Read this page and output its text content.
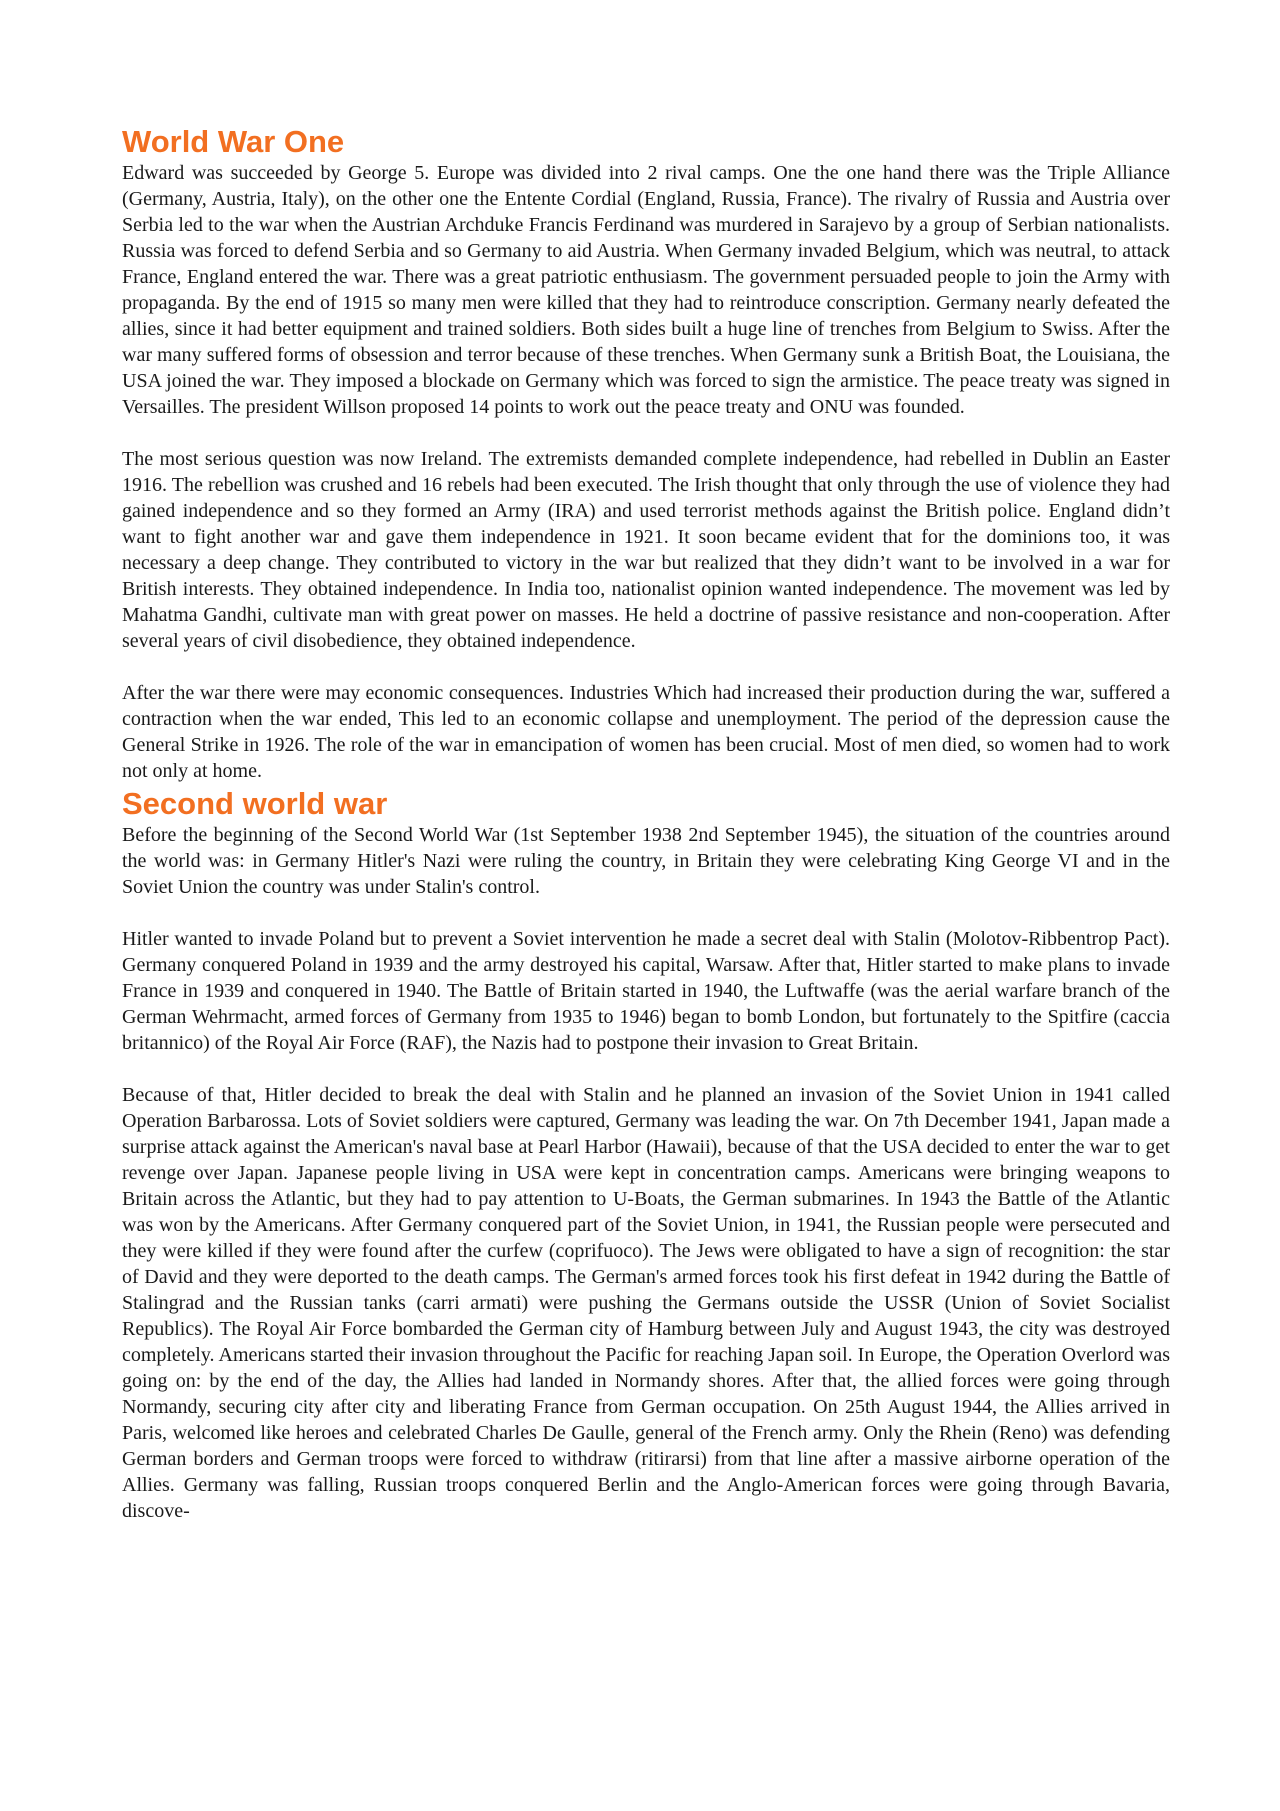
World War One

Edward was succeeded by George 5. Europe was divided into 2 rival camps. One the one hand there was the Triple Alliance (Germany, Austria, Italy), on the other one the Entente Cordial (England, Russia, France). The rivalry of Russia and Austria over Serbia led to the war when the Austrian Archduke Francis Ferdinand was murdered in Sarajevo by a group of Serbian nationalists. Russia was forced to defend Serbia and so Germany to aid Austria. When Germany invaded Belgium, which was neutral, to attack France, England entered the war. There was a great patriotic enthusiasm. The government persuaded people to join the Army with propaganda. By the end of 1915 so many men were killed that they had to reintroduce conscription. Germany nearly defeated the allies, since it had better equipment and trained soldiers. Both sides built a huge line of trenches from Belgium to Swiss. After the war many suffered forms of obsession and terror because of these trenches. When Germany sunk a British Boat, the Louisiana, the USA joined the war. They imposed a blockade on Germany which was forced to sign the armistice. The peace treaty was signed in Versailles. The president Willson proposed 14 points to work out the peace treaty and ONU was founded.

The most serious question was now Ireland. The extremists demanded complete independence, had rebelled in Dublin an Easter 1916. The rebellion was crushed and 16 rebels had been executed. The Irish thought that only through the use of violence they had gained independence and so they formed an Army (IRA) and used terrorist methods against the British police. England didn’t want to fight another war and gave them independence in 1921. It soon became evident that for the dominions too, it was necessary a deep change. They contributed to victory in the war but realized that they didn’t want to be involved in a war for British interests. They obtained independence. In India too, nationalist opinion wanted independence. The movement was led by Mahatma Gandhi, cultivate man with great power on masses. He held a doctrine of passive resistance and non-cooperation. After several years of civil disobedience, they obtained independence.

After the war there were may economic consequences. Industries Which had increased their production during the war, suffered a contraction when the war ended, This led to an economic collapse and unemployment. The period of the depression cause the General Strike in 1926. The role of the war in emancipation of women has been crucial. Most of men died, so women had to work not only at home.

Second world war

Before the beginning of the Second World War (1st September 1938 2nd September 1945), the situation of the countries around the world was: in Germany Hitler's Nazi were ruling the country, in Britain they were celebrating King George VI and in the Soviet Union the country was under Stalin's control.

Hitler wanted to invade Poland but to prevent a Soviet intervention he made a secret deal with Stalin (Molotov-Ribbentrop Pact). Germany conquered Poland in 1939 and the army destroyed his capital, Warsaw. After that, Hitler started to make plans to invade France in 1939 and conquered in 1940. The Battle of Britain started in 1940, the Luftwaffe (was the aerial warfare branch of the German Wehrmacht, armed forces of Germany from 1935 to 1946) began to bomb London, but fortunately to the Spitfire (caccia britannico) of the Royal Air Force (RAF), the Nazis had to postpone their invasion to Great Britain.

Because of that, Hitler decided to break the deal with Stalin and he planned an invasion of the Soviet Union in 1941 called Operation Barbarossa. Lots of Soviet soldiers were captured, Germany was leading the war. On 7th December 1941, Japan made a surprise attack against the American's naval base at Pearl Harbor (Hawaii), because of that the USA decided to enter the war to get revenge over Japan. Japanese people living in USA were kept in concentration camps. Americans were bringing weapons to Britain across the Atlantic, but they had to pay attention to U-Boats, the German submarines. In 1943 the Battle of the Atlantic was won by the Americans. After Germany conquered part of the Soviet Union, in 1941, the Russian people were persecuted and they were killed if they were found after the curfew (coprifuoco). The Jews were obligated to have a sign of recognition: the star of David and they were deported to the death camps. The German's armed forces took his first defeat in 1942 during the Battle of Stalingrad and the Russian tanks (carri armati) were pushing the Germans outside the USSR (Union of Soviet Socialist Republics). The Royal Air Force bombarded the German city of Hamburg between July and August 1943, the city was destroyed completely. Americans started their invasion throughout the Pacific for reaching Japan soil. In Europe, the Operation Overlord was going on: by the end of the day, the Allies had landed in Normandy shores. After that, the allied forces were going through Normandy, securing city after city and liberating France from German occupation. On 25th August 1944, the Allies arrived in Paris, welcomed like heroes and celebrated Charles De Gaulle, general of the French army. Only the Rhein (Reno) was defending German borders and German troops were forced to withdraw (ritirarsi) from that line after a massive airborne operation of the Allies. Germany was falling, Russian troops conquered Berlin and the Anglo-American forces were going through Bavaria, discove-
